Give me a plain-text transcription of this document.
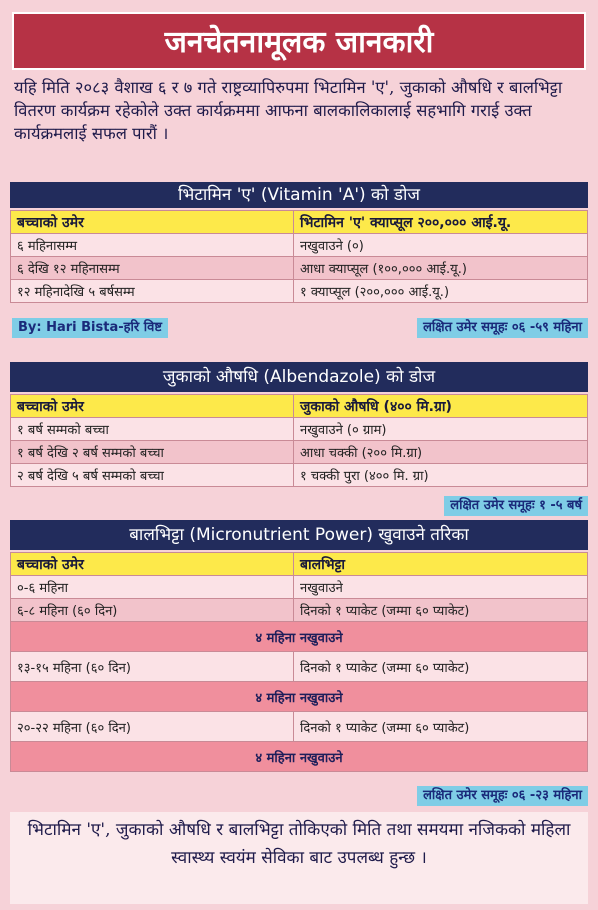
जनचेतनामूलक जानकारी
यहि मिति २०८३ वैशाख ६ र ७ गते राष्ट्रव्यापिरुपमा भिटामिन 'ए', जुकाको औषधि र बालभिट्टा वितरण कार्यक्रम रहेकोले उक्त कार्यक्रममा आफना बालकालिकालाई सहभागि गराई उक्त कार्यक्रमलाई सफल पारौं ।
भिटामिन 'ए' (Vitamin 'A') को डोज
बच्चाको उमेर	भिटामिन 'ए' क्याप्सूल २००,००० आई.यू.
६ महिनासम्म	नखुवाउने (०)
६ देखि १२ महिनासम्म	आधा क्याप्सूल (१००,००० आई.यू.)
१२ महिनादेखि ५ बर्षसम्म	१ क्याप्सूल (२००,००० आई.यू.)
By: Hari Bista-हरि विष्ट	लक्षित उमेर समूहः ०६ -५९ महिना
जुकाको औषधि (Albendazole) को डोज
बच्चाको उमेर	जुकाको औषधि (४०० मि.ग्रा)
१ बर्ष सम्मको बच्चा	नखुवाउने (० ग्राम)
१ बर्ष देखि २ बर्ष सम्मको बच्चा	आधा चक्की (२०० मि.ग्रा)
२ बर्ष देखि ५ बर्ष सम्मको बच्चा	१ चक्की पुरा (४०० मि. ग्रा)
लक्षित उमेर समूहः १ -५ बर्ष
बालभिट्टा (Micronutrient Power) खुवाउने तरिका
बच्चाको उमेर	बालभिट्टा
०-६ महिना	नखुवाउने
६-८ महिना (६० दिन)	दिनको १ प्याकेट (जम्मा ६० प्याकेट)
४ महिना नखुवाउने	
१३-१५ महिना (६० दिन)	दिनको १ प्याकेट (जम्मा ६० प्याकेट)
४ महिना नखुवाउने	
२०-२२ महिना (६० दिन)	दिनको १ प्याकेट (जम्मा ६० प्याकेट)
४ महिना नखुवाउने	
लक्षित उमेर समूहः ०६ -२३ महिना
भिटामिन 'ए', जुकाको औषधि र बालभिट्टा तोकिएको मिति तथा समयमा नजिकको महिला स्वास्थ्य स्वयंम सेविका बाट उपलब्ध हुन्छ ।
